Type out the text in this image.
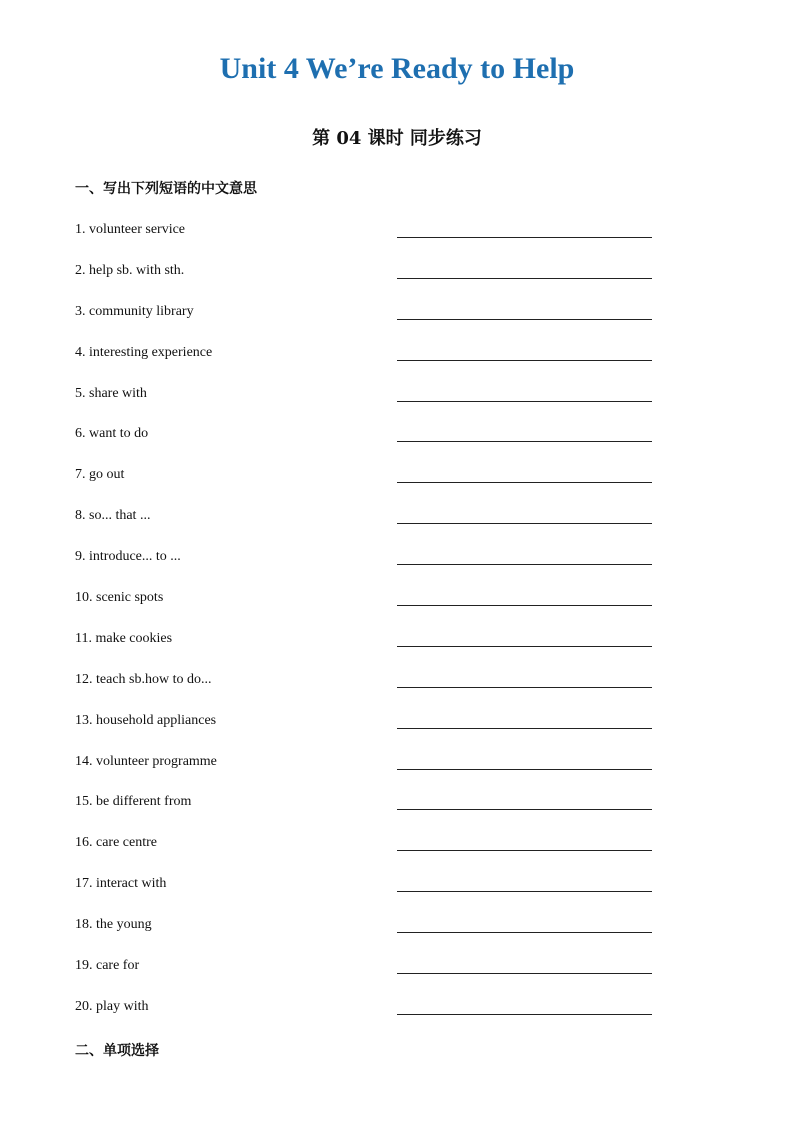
Unit 4 We’re Ready to Help
第 04 课时 同步练习
一、写出下列短语的中文意思
1. volunteer service
2. help sb. with sth.
3. community library
4. interesting experience
5. share with
6. want to do
7. go out
8. so... that ...
9. introduce... to ...
10. scenic spots
11. make cookies
12. teach sb.how to do...
13. household appliances
14. volunteer programme
15. be different from
16. care centre
17. interact with
18. the young
19. care for
20. play with
二、单项选择
